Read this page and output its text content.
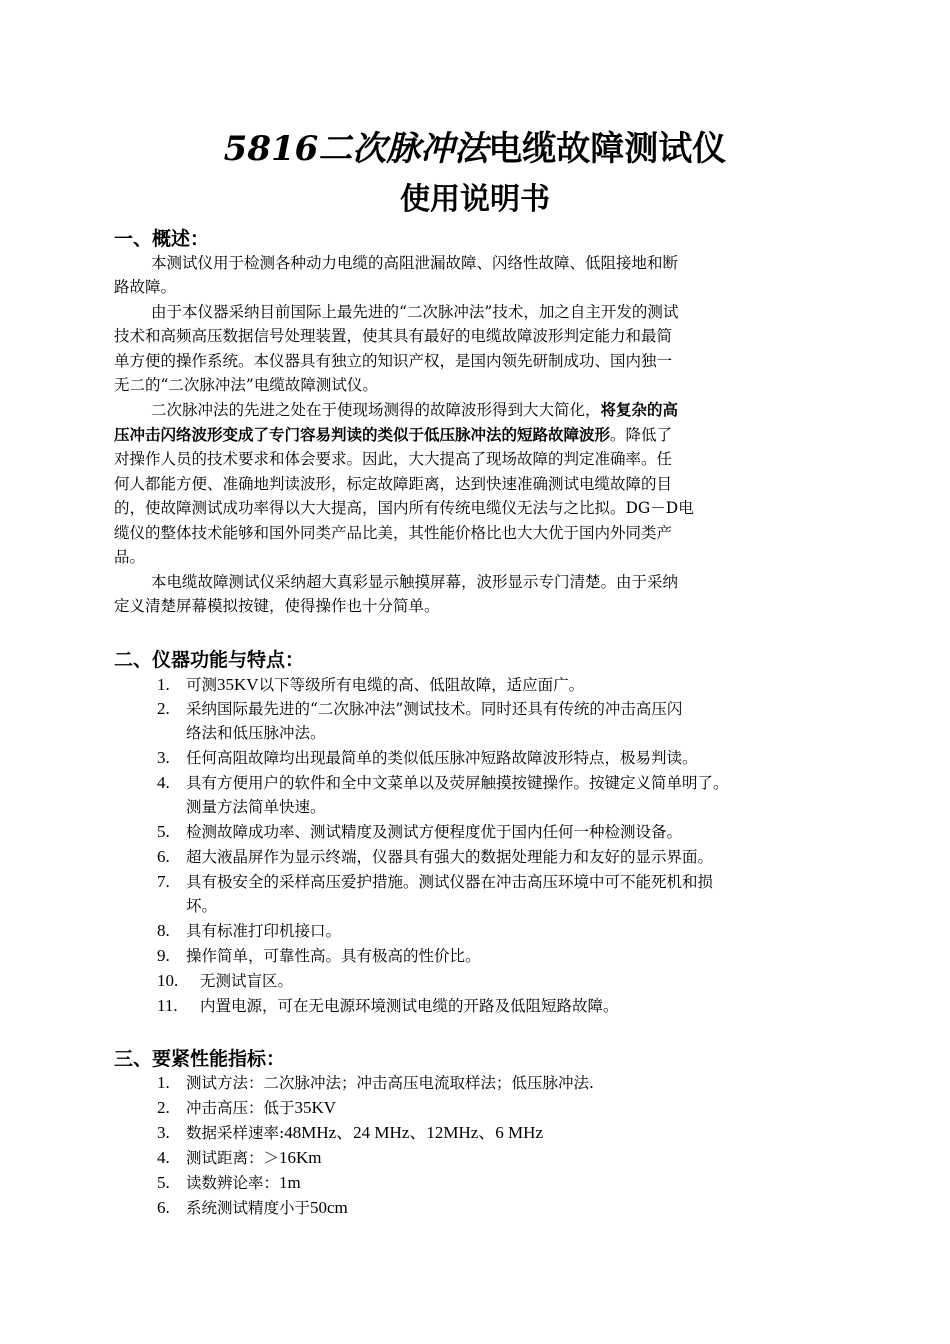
5816二次脉冲法电缆故障测试仪
使用说明书
一、概述：
本测试仪用于检测各种动力电缆的高阻泄漏故障、闪络性故障、低阻接地和断
路故障。
由于本仪器采纳目前国际上最先进的“二次脉冲法”技术，加之自主开发的测试
技术和高频高压数据信号处理装置，使其具有最好的电缆故障波形判定能力和最简
单方便的操作系统。本仪器具有独立的知识产权，是国内领先研制成功、国内独一
无二的“二次脉冲法”电缆故障测试仪。
二次脉冲法的先进之处在于使现场测得的故障波形得到大大简化，将复杂的高
压冲击闪络波形变成了专门容易判读的类似于低压脉冲法的短路故障波形。降低了
对操作人员的技术要求和体会要求。因此，大大提高了现场故障的判定准确率。任
何人都能方便、准确地判读波形，标定故障距离，达到快速准确测试电缆故障的目
的，使故障测试成功率得以大大提高，国内所有传统电缆仪无法与之比拟。DG－D电
缆仪的整体技术能够和国外同类产品比美，其性能价格比也大大优于国内外同类产
品。
本电缆故障测试仪采纳超大真彩显示触摸屏幕，波形显示专门清楚。由于采纳
定义清楚屏幕模拟按键，使得操作也十分简单。
二、仪器功能与特点：
1. 可测35KV以下等级所有电缆的高、低阻故障，适应面广。
2. 采纳国际最先进的“二次脉冲法”测试技术。同时还具有传统的冲击高压闪
络法和低压脉冲法。
3. 任何高阻故障均出现最简单的类似低压脉冲短路故障波形特点，极易判读。
4. 具有方便用户的软件和全中文菜单以及荧屏触摸按键操作。按键定义简单明了。
测量方法简单快速。
5. 检测故障成功率、测试精度及测试方便程度优于国内任何一种检测设备。
6. 超大液晶屏作为显示终端，仪器具有强大的数据处理能力和友好的显示界面。
7. 具有极安全的采样高压爱护措施。测试仪器在冲击高压环境中可不能死机和损
坏。
8. 具有标准打印机接口。
9. 操作简单，可靠性高。具有极高的性价比。
10. 无测试盲区。
11. 内置电源，可在无电源环境测试电缆的开路及低阻短路故障。
三、要紧性能指标：
1. 测试方法：二次脉冲法；冲击高压电流取样法；低压脉冲法.
2. 冲击高压：低于35KV
3. 数据采样速率:48MHz、24 MHz、12MHz、6 MHz
4. 测试距离：＞16Km
5. 读数辨论率：1m
6. 系统测试精度小于50cm
